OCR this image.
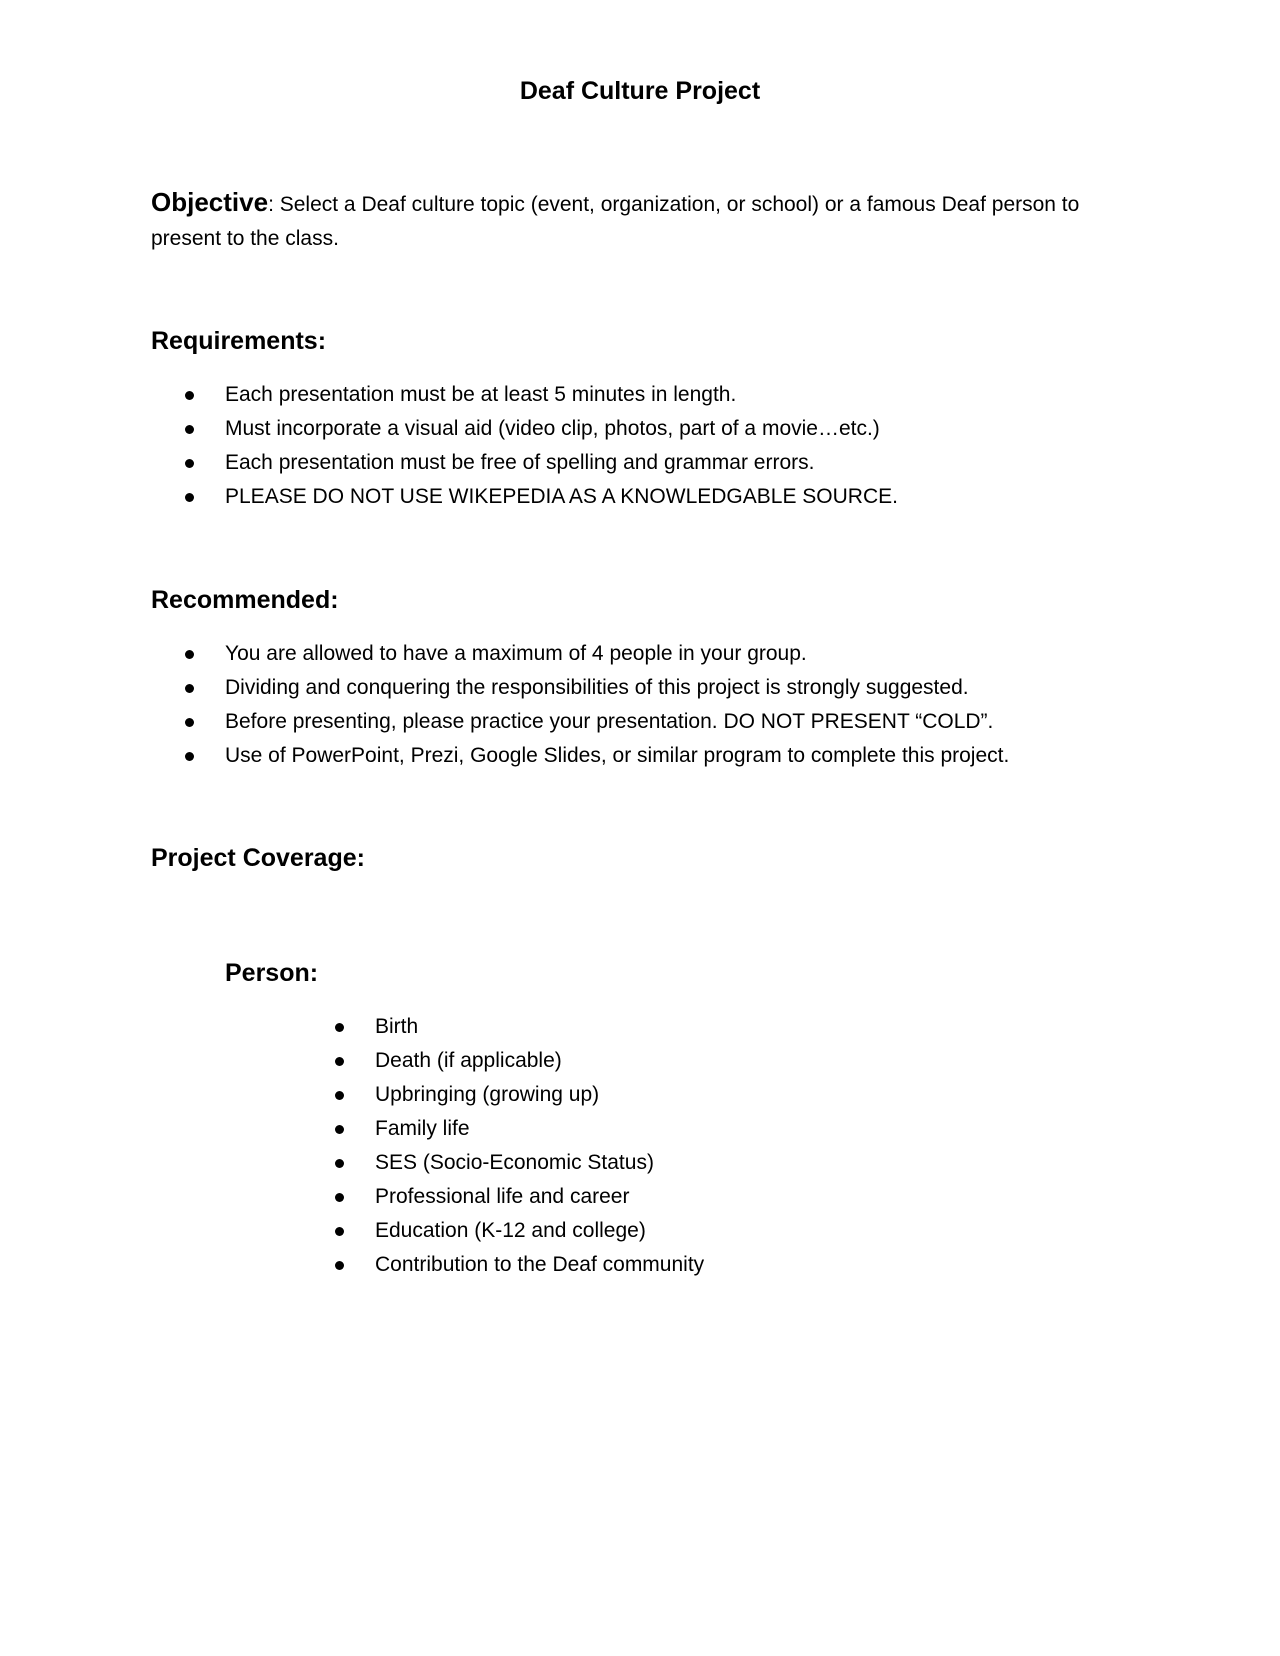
Deaf Culture Project

Objective: Select a Deaf culture topic (event, organization, or school) or a famous Deaf person to present to the class.

Requirements:
Each presentation must be at least 5 minutes in length.
Must incorporate a visual aid (video clip, photos, part of a movie…etc.)
Each presentation must be free of spelling and grammar errors.
PLEASE DO NOT USE WIKEPEDIA AS A KNOWLEDGABLE SOURCE.
Recommended:
You are allowed to have a maximum of 4 people in your group.
Dividing and conquering the responsibilities of this project is strongly suggested.
Before presenting, please practice your presentation. DO NOT PRESENT “COLD”.
Use of PowerPoint, Prezi, Google Slides, or similar program to complete this project.
Project Coverage:
Person:
Birth
Death (if applicable)
Upbringing (growing up)
Family life
SES (Socio-Economic Status)
Professional life and career
Education (K-12 and college)
Contribution to the Deaf community
